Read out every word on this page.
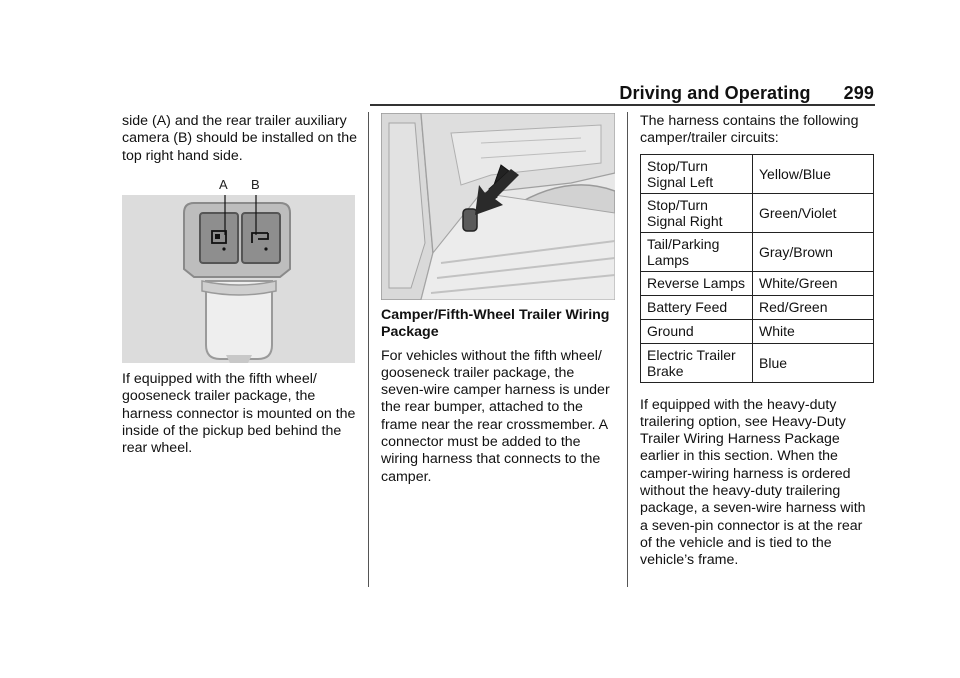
Driving and Operating 299

side (A) and the rear trailer auxiliary camera (B) should be installed on the top right hand side.

A B

If equipped with the fifth wheel/ gooseneck trailer package, the harness connector is mounted on the inside of the pickup bed behind the rear wheel.

Camper/Fifth-Wheel Trailer Wiring Package

For vehicles without the fifth wheel/ gooseneck trailer package, the seven-wire camper harness is under the rear bumper, attached to the frame near the rear crossmember. A connector must be added to the wiring harness that connects to the camper.

The harness contains the following camper/trailer circuits:

Stop/Turn Signal Left	Yellow/Blue
Stop/Turn Signal Right	Green/Violet
Tail/Parking Lamps	Gray/Brown
Reverse Lamps	White/Green
Battery Feed	Red/Green
Ground	White
Electric Trailer Brake	Blue

If equipped with the heavy-duty trailering option, see Heavy-Duty Trailer Wiring Harness Package earlier in this section. When the camper-wiring harness is ordered without the heavy-duty trailering package, a seven-wire harness with a seven-pin connector is at the rear of the vehicle and is tied to the vehicle’s frame.
